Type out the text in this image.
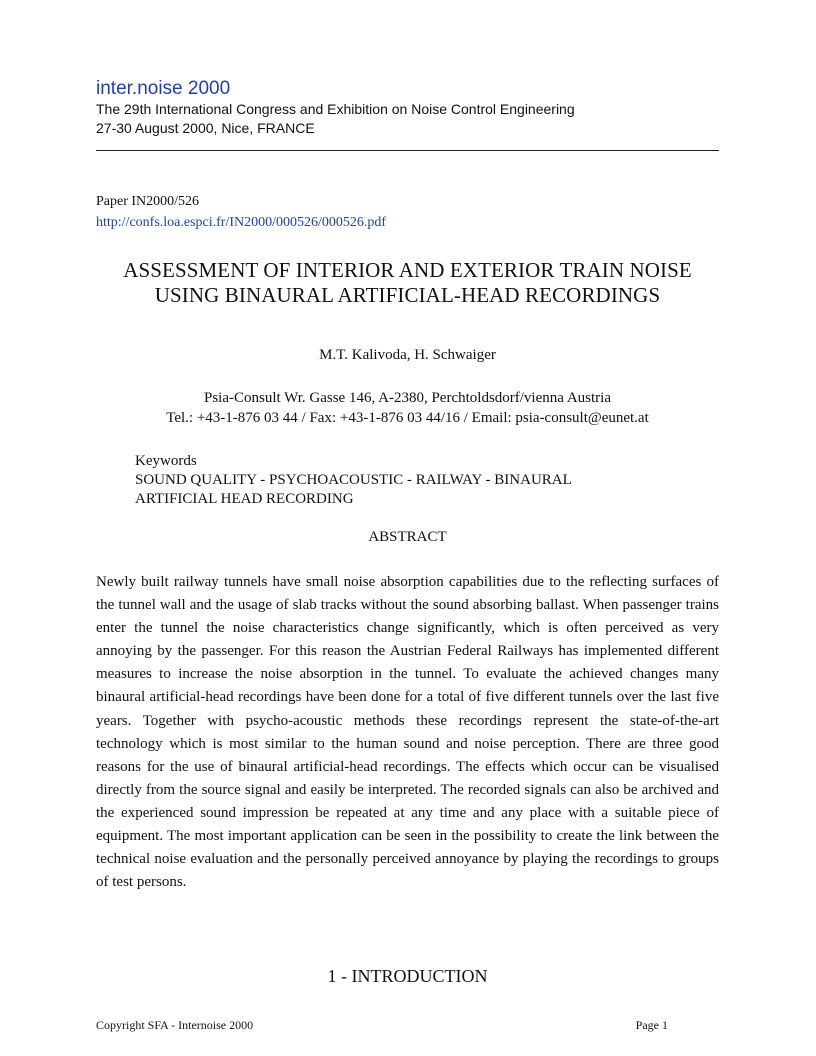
inter.noise 2000

The 29th International Congress and Exhibition on Noise Control Engineering

27-30 August 2000, Nice, FRANCE

Paper IN2000/526

http://confs.loa.espci.fr/IN2000/000526/000526.pdf
ASSESSMENT OF INTERIOR AND EXTERIOR TRAIN NOISE USING BINAURAL ARTIFICIAL-HEAD RECORDINGS

M.T. Kalivoda, H. Schwaiger

Psia-Consult Wr. Gasse 146, A-2380, Perchtoldsdorf/vienna Austria

Tel.: +43-1-876 03 44 / Fax: +43-1-876 03 44/16 / Email: psia-consult@eunet.at

Keywords

SOUND QUALITY - PSYCHOACOUSTIC - RAILWAY - BINAURAL

ARTIFICIAL HEAD RECORDING

ABSTRACT

Newly built railway tunnels have small noise absorption capabilities due to the reflecting surfaces of the tunnel wall and the usage of slab tracks without the sound absorbing ballast. When passenger trains enter the tunnel the noise characteristics change significantly, which is often perceived as very annoying by the passenger. For this reason the Austrian Federal Railways has implemented different measures to increase the noise absorption in the tunnel. To evaluate the achieved changes many binaural artificial-head recordings have been done for a total of five different tunnels over the last five years. Together with psycho-acoustic methods these recordings represent the state-of-the-art technology which is most similar to the human sound and noise perception. There are three good reasons for the use of binaural artificial-head recordings. The effects which occur can be visualised directly from the source signal and easily be interpreted. The recorded signals can also be archived and the experienced sound impression be repeated at any time and any place with a suitable piece of equipment. The most important application can be seen in the possibility to create the link between the technical noise evaluation and the personally perceived annoyance by playing the recordings to groups of test persons.

1 - INTRODUCTION

Copyright SFA - Internoise 2000	Page 1
